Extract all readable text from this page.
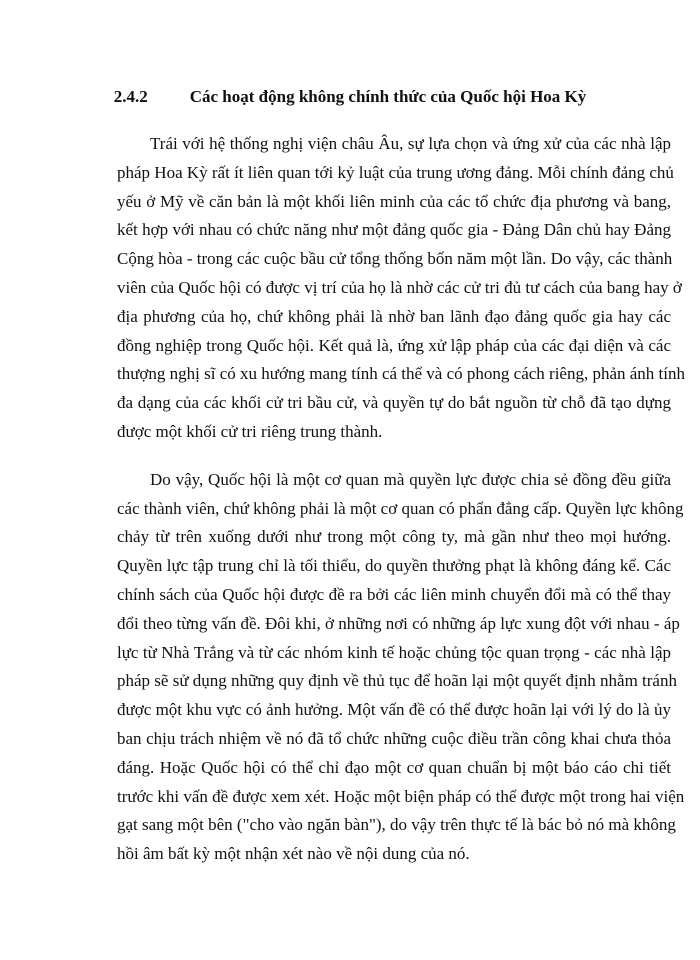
2.4.2 Các hoạt động không chính thức của Quốc hội Hoa Kỳ

Trái với hệ thống nghị viện châu Âu, sự lựa chọn và ứng xử của các nhà lập
pháp Hoa Kỳ rất ít liên quan tới kỷ luật của trung ương đảng. Mỗi chính đảng chủ
yếu ở Mỹ về căn bản là một khối liên minh của các tổ chức địa phương và bang,
kết hợp với nhau có chức năng như một đảng quốc gia - Đảng Dân chủ hay Đảng
Cộng hòa - trong các cuộc bầu cử tổng thống bốn năm một lần. Do vậy, các thành
viên của Quốc hội có được vị trí của họ là nhờ các cử tri đủ tư cách của bang hay ở
địa phương của họ, chứ không phải là nhờ ban lãnh đạo đảng quốc gia hay các
đồng nghiệp trong Quốc hội. Kết quả là, ứng xử lập pháp của các đại diện và các
thượng nghị sĩ có xu hướng mang tính cá thể và có phong cách riêng, phản ánh tính
đa dạng của các khối cử tri bầu cử, và quyền tự do bắt nguồn từ chỗ đã tạo dựng
được một khối cử tri riêng trung thành.

Do vậy, Quốc hội là một cơ quan mà quyền lực được chia sẻ đồng đều giữa
các thành viên, chứ không phải là một cơ quan có phẩn đẳng cấp. Quyền lực không
chảy từ trên xuống dưới như trong một công ty, mà gần như theo mọi hướng.
Quyền lực tập trung chỉ là tối thiểu, do quyền thưởng phạt là không đáng kể. Các
chính sách của Quốc hội được đề ra bởi các liên minh chuyển đổi mà có thể thay
đổi theo từng vấn đề. Đôi khi, ở những nơi có những áp lực xung đột với nhau - áp
lực từ Nhà Trắng và từ các nhóm kinh tế hoặc chủng tộc quan trọng - các nhà lập
pháp sẽ sử dụng những quy định về thủ tục để hoãn lại một quyết định nhằm tránh
được một khu vực có ảnh hưởng. Một vấn đề có thể được hoãn lại với lý do là ủy
ban chịu trách nhiệm về nó đã tổ chức những cuộc điều trần công khai chưa thỏa
đáng. Hoặc Quốc hội có thể chỉ đạo một cơ quan chuẩn bị một báo cáo chi tiết
trước khi vấn đề được xem xét. Hoặc một biện pháp có thể được một trong hai viện
gạt sang một bên ("cho vào ngăn bàn"), do vậy trên thực tế là bác bỏ nó mà không
hồi âm bất kỳ một nhận xét nào về nội dung của nó.
